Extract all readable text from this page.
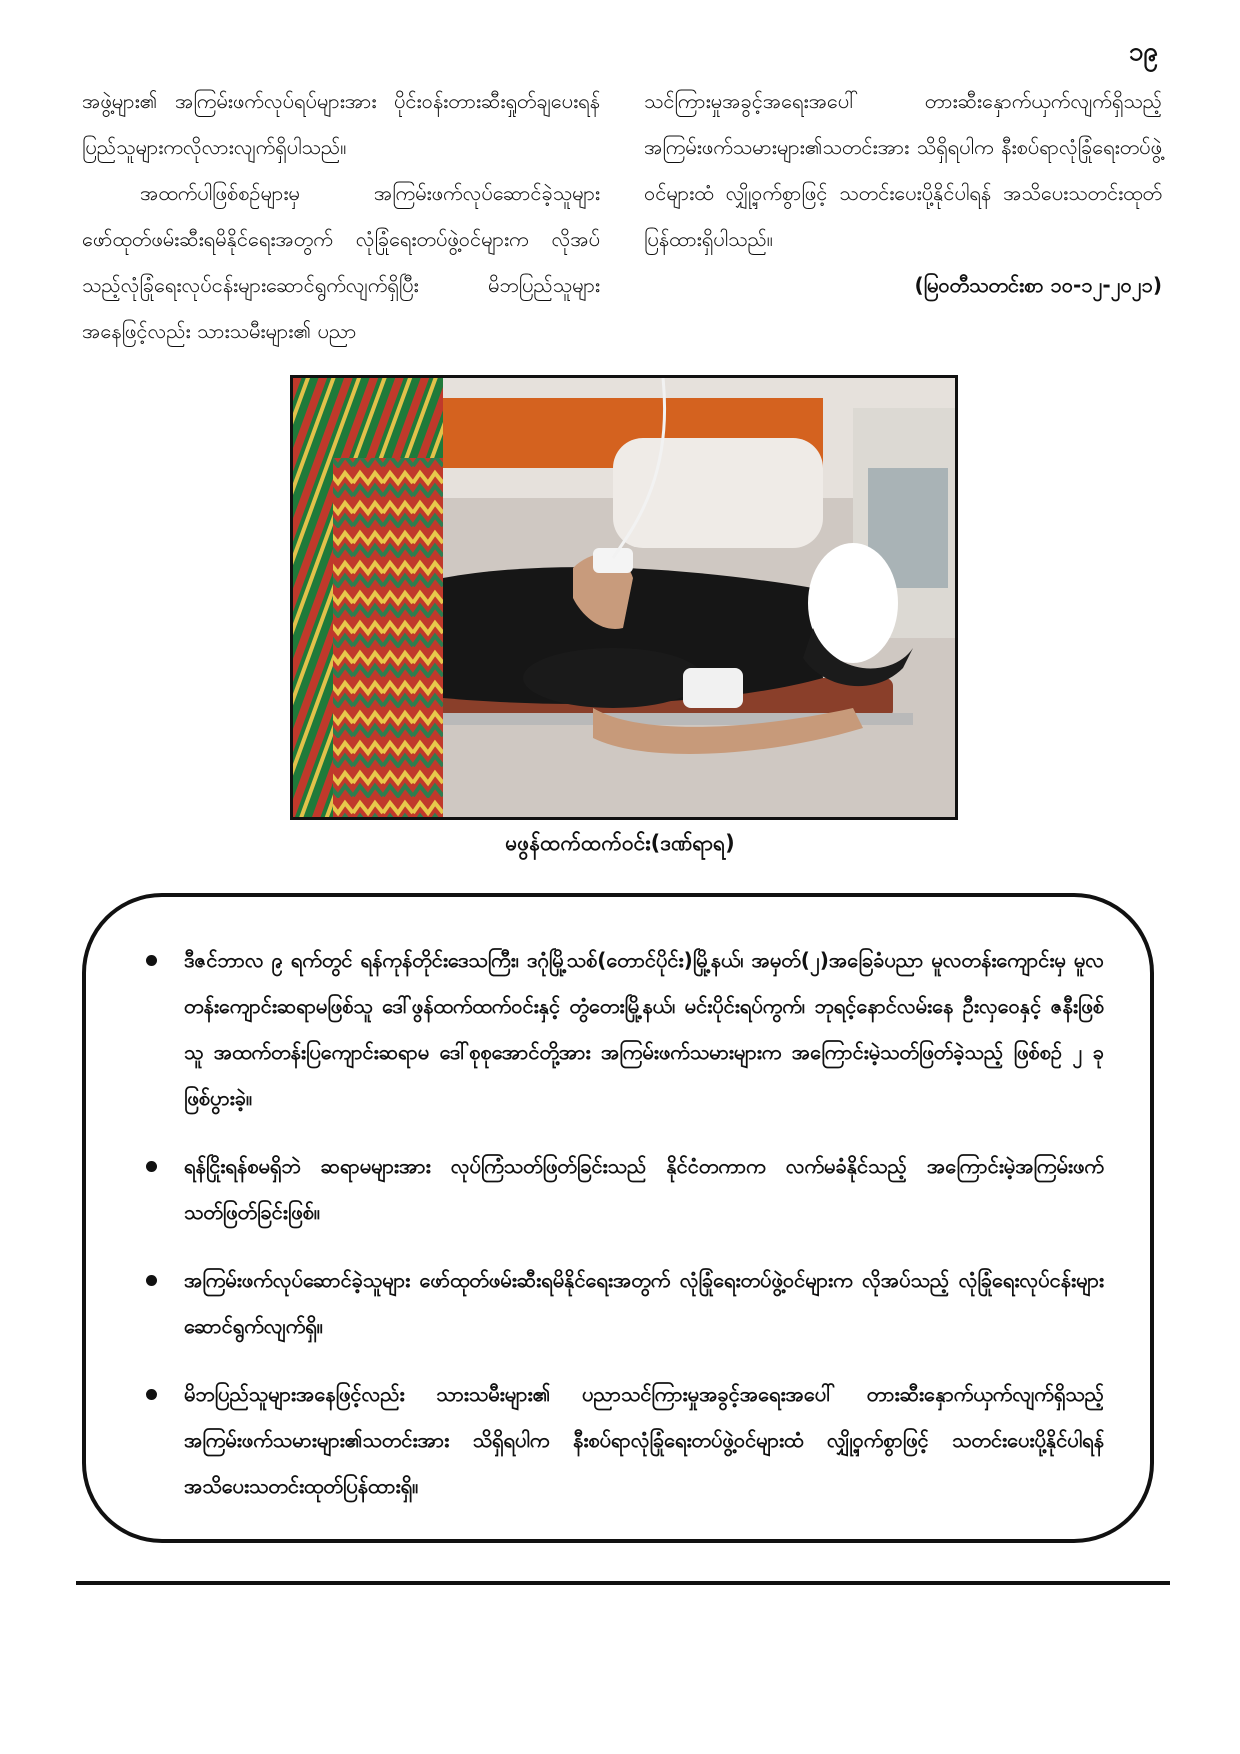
၁၉

အဖွဲ့များ၏ အကြမ်းဖက်လုပ်ရပ်များအား ပိုင်းဝန်းတားဆီးရှုတ်ချပေးရန် ပြည်သူများကလိုလားလျက်ရှိပါသည်။

အထက်ပါဖြစ်စဉ်များမှ အကြမ်းဖက်လုပ်ဆောင်ခဲ့သူများဖော်ထုတ်ဖမ်းဆီးရမိနိုင်ရေးအတွက် လုံခြုံရေးတပ်ဖွဲ့ဝင်များက လိုအပ်သည့်လုံခြုံရေးလုပ်ငန်းများဆောင်ရွက်လျက်ရှိပြီး မိဘပြည်သူများအနေဖြင့်လည်း သားသမီးများ၏ ပညာ

သင်ကြားမှုအခွင့်အရေးအပေါ် တားဆီးနှောက်ယှက်လျက်ရှိသည့်အကြမ်းဖက်သမားများ၏သတင်းအား သိရှိရပါက နီးစပ်ရာလုံခြုံရေးတပ်ဖွဲ့ဝင်များထံ လျှို့ဝှက်စွာဖြင့် သတင်းပေးပို့နိုင်ပါရန် အသိပေးသတင်းထုတ်ပြန်ထားရှိပါသည်။

(မြဝတီသတင်းစာ ၁၀-၁၂-၂၀၂၁)

မဖွန်ထက်ထက်ဝင်း(ဒဏ်ရာရ)
ဒီဇင်ဘာလ ၉ ရက်တွင် ရန်ကုန်တိုင်းဒေသကြီး၊ ဒဂုံမြို့သစ်(တောင်ပိုင်း)မြို့နယ်၊ အမှတ်(၂)အခြေခံပညာ မူလတန်းကျောင်းမှ မူလတန်းကျောင်းဆရာမဖြစ်သူ ဒေါ်ဖွန်ထက်ထက်ဝင်းနှင့် တွံတေးမြို့နယ်၊ မင်းပိုင်းရပ်ကွက်၊ ဘုရင့်နောင်လမ်းနေ ဦးလှဝေနှင့် ဇနီးဖြစ်သူ အထက်တန်းပြကျောင်းဆရာမ ဒေါ်စုစုအောင်တို့အား အကြမ်းဖက်သမားများက အကြောင်းမဲ့သတ်ဖြတ်ခဲ့သည့် ဖြစ်စဉ် ၂ ခု ဖြစ်ပွားခဲ့။
ရန်ငြိုးရန်စမရှိဘဲ ဆရာမများအား လုပ်ကြံသတ်ဖြတ်ခြင်းသည် နိုင်ငံတကာက လက်မခံနိုင်သည့် အကြောင်းမဲ့အကြမ်းဖက်သတ်ဖြတ်ခြင်းဖြစ်။
အကြမ်းဖက်လုပ်ဆောင်ခဲ့သူများ ဖော်ထုတ်ဖမ်းဆီးရမိနိုင်ရေးအတွက် လုံခြုံရေးတပ်ဖွဲ့ဝင်များက လိုအပ်သည့် လုံခြုံရေးလုပ်ငန်းများဆောင်ရွက်လျက်ရှိ။
မိဘပြည်သူများအနေဖြင့်လည်း သားသမီးများ၏ ပညာသင်ကြားမှုအခွင့်အရေးအပေါ် တားဆီးနှောက်ယှက်လျက်ရှိသည့် အကြမ်းဖက်သမားများ၏သတင်းအား သိရှိရပါက နီးစပ်ရာလုံခြုံရေးတပ်ဖွဲ့ဝင်များထံ လျှို့ဝှက်စွာဖြင့် သတင်းပေးပို့နိုင်ပါရန် အသိပေးသတင်းထုတ်ပြန်ထားရှိ။
